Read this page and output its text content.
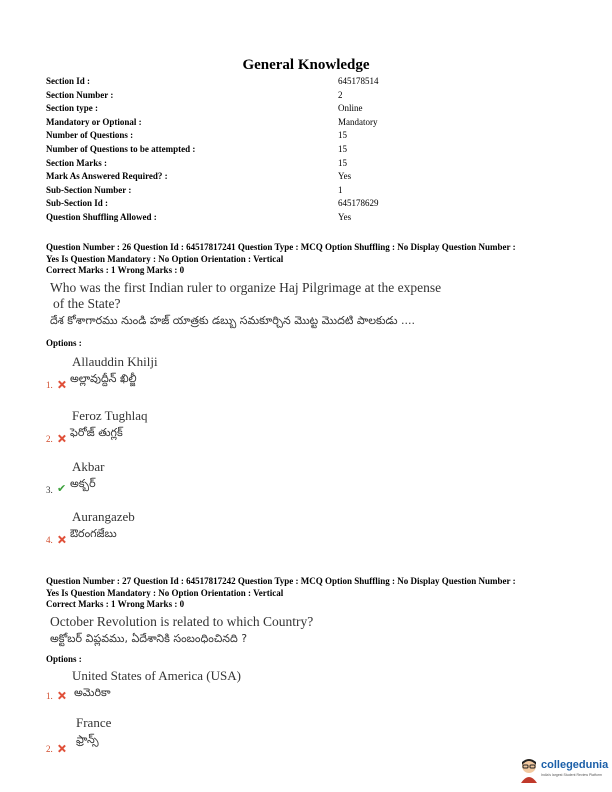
General Knowledge
Section Id :	645178514
Section Number :	2
Section type :	Online
Mandatory or Optional :	Mandatory
Number of Questions :	15
Number of Questions to be attempted :	15
Section Marks :	15
Mark As Answered Required? :	Yes
Sub-Section Number :	1
Sub-Section Id :	645178629
Question Shuffling Allowed :	Yes
Question Number : 26 Question Id : 64517817241 Question Type : MCQ Option Shuffling : No Display Question Number :
Yes Is Question Mandatory : No Option Orientation : Vertical
Correct Marks : 1 Wrong Marks : 0
Who was the first Indian ruler to organize Haj Pilgrimage at the expense
of the State?
దేశ కోశాగారము నుండి హజ్ యాత్రకు డబ్బు సమకూర్చిన మొట్ట మొదటి పాలకుడు ....
Options :
Allauddin Khilji
అల్లావుద్దీన్ ఖిల్జీ
1.
Feroz Tughlaq
ఫెరోజ్ తుగ్లక్
2.
Akbar
అక్బర్
3. ✔
Aurangazeb
ఔరంగజేబు
4.
Question Number : 27 Question Id : 64517817242 Question Type : MCQ Option Shuffling : No Display Question Number :
Yes Is Question Mandatory : No Option Orientation : Vertical
Correct Marks : 1 Wrong Marks : 0
October Revolution is related to which Country?
అక్టోబర్ విప్లవము, ఏదేశానికి సంబంధించినది ?
Options :
United States of America (USA)
అమెరికా
1.
France
ఫ్రాన్స్
2.
collegedunia
India's largest Student Review Platform
